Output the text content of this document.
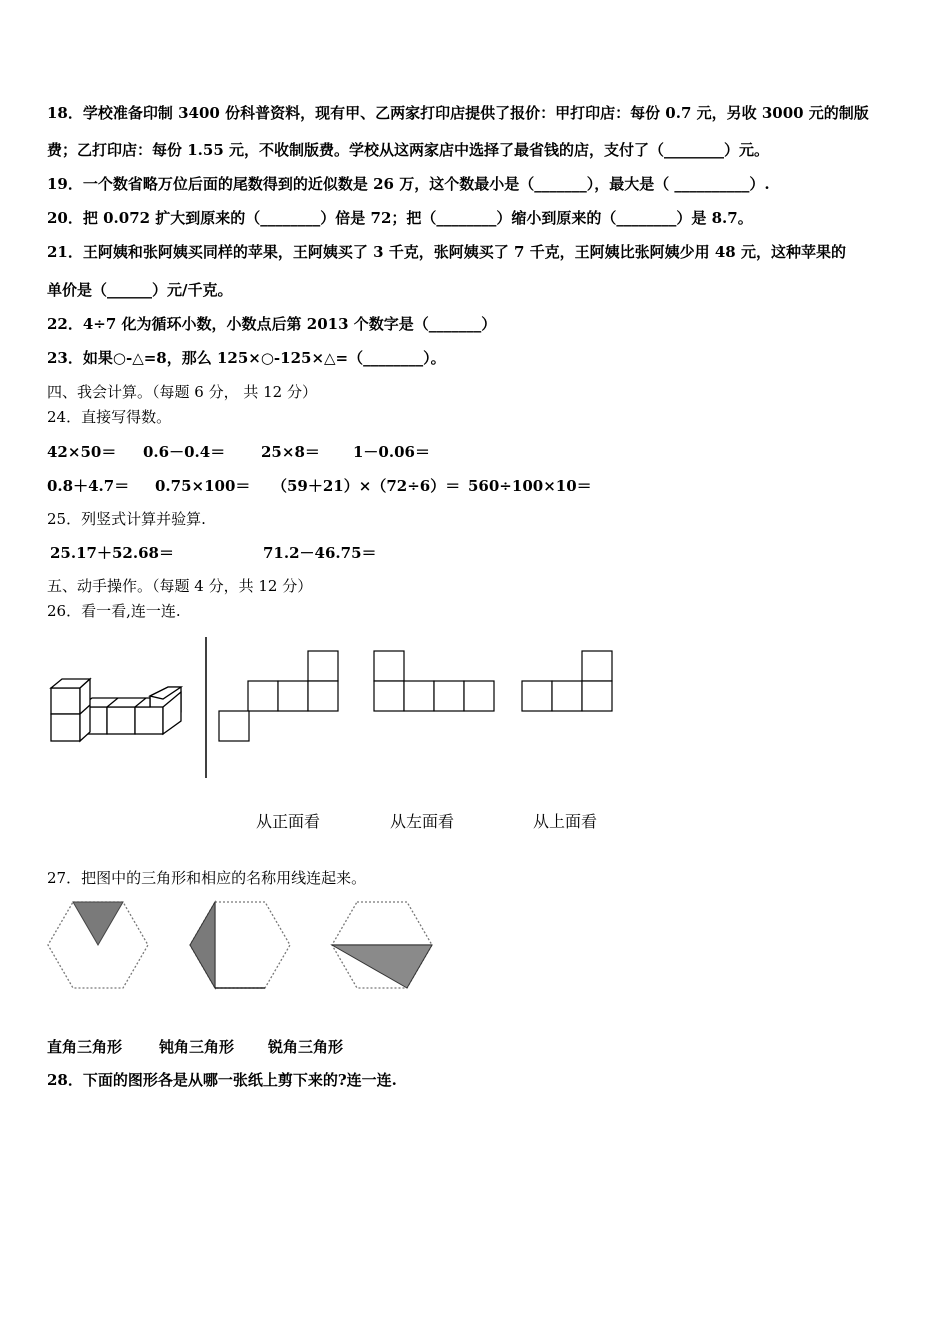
18．学校准备印制 3400 份科普资料，现有甲、乙两家打印店提供了报价：甲打印店：每份 0.7 元，另收 3000 元的制版
费；乙打印店：每份 1.55 元，不收制版费。学校从这两家店中选择了最省钱的店，支付了（________）元。
19．一个数省略万位后面的尾数得到的近似数是 26 万，这个数最小是（_______），最大是（ __________）.
20．把 0.072 扩大到原来的（________）倍是 72；把（________）缩小到原来的（________）是 8.7。
21．王阿姨和张阿姨买同样的苹果，王阿姨买了 3 千克，张阿姨买了 7 千克，王阿姨比张阿姨少用 48 元，这种苹果的
单价是（______）元/千克。
22．4÷7 化为循环小数，小数点后第 2013 个数字是（_______）
23．如果○-△=8，那么 125×○-125×△=（________）。
四、我会计算。（每题 6 分， 共 12 分）
24．直接写得数。
42×50＝ 0.6－0.4＝ 25×8＝ 1－0.06＝
0.8＋4.7＝ 0.75×100＝ （59＋21）×（72÷6）＝ 560÷100×10＝
25．列竖式计算并验算.
25.17＋52.68＝	71.2－46.75＝
五、动手操作。（每题 4 分，共 12 分）
26．看一看,连一连.
从正面看	从左面看	从上面看
27．把图中的三角形和相应的名称用线连起来。
直角三角形 钝角三角形 锐角三角形
28．下面的图形各是从哪一张纸上剪下来的?连一连.
